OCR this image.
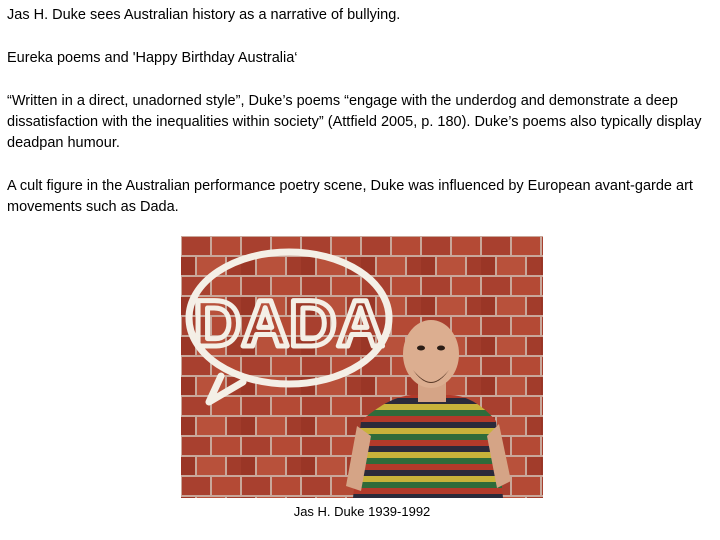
Jas H. Duke sees Australian history as a narrative of bullying.

Eureka poems and 'Happy Birthday Australia‘

“Written in a direct, unadorned style”, Duke’s poems “engage with the underdog and demonstrate a deep dissatisfaction with the inequalities within society” (Attfield 2005, p. 180). Duke’s poems also typically display deadpan humour.

A cult figure in the Australian performance poetry scene, Duke was influenced by European avant-garde art movements such as Dada.

DADA
Jas H. Duke 1939-1992
